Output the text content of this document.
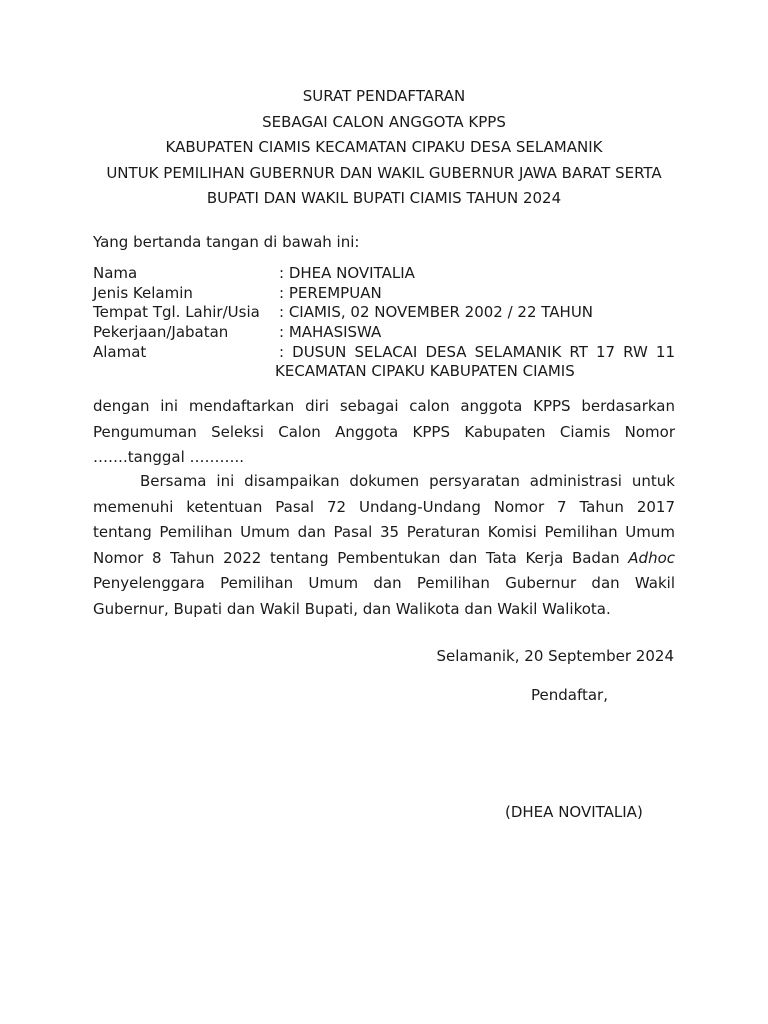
SURAT PENDAFTARAN
SEBAGAI CALON ANGGOTA KPPS
KABUPATEN CIAMIS KECAMATAN CIPAKU DESA SELAMANIK
UNTUK PEMILIHAN GUBERNUR DAN WAKIL GUBERNUR JAWA BARAT SERTA
BUPATI DAN WAKIL BUPATI CIAMIS TAHUN 2024
Yang bertanda tangan di bawah ini:
Nama	: DHEA NOVITALIA
Jenis Kelamin	: PEREMPUAN
Tempat Tgl. Lahir/Usia : CIAMIS, 02 NOVEMBER 2002 / 22 TAHUN
Pekerjaan/Jabatan	: MAHASISWA
Alamat	: DUSUN SELACAI DESA SELAMANIK RT 17 RW 11
KECAMATAN CIPAKU KABUPATEN CIAMIS
dengan ini mendaftarkan diri sebagai calon anggota KPPS berdasarkan
Pengumuman Seleksi Calon Anggota KPPS Kabupaten Ciamis Nomor
…….tanggal ………..
Bersama ini disampaikan dokumen persyaratan administrasi untuk
memenuhi ketentuan Pasal 72 Undang-Undang Nomor 7 Tahun 2017
tentang Pemilihan Umum dan Pasal 35 Peraturan Komisi Pemilihan Umum
Nomor 8 Tahun 2022 tentang Pembentukan dan Tata Kerja Badan Adhoc
Penyelenggara Pemilihan Umum dan Pemilihan Gubernur dan Wakil
Gubernur, Bupati dan Wakil Bupati, dan Walikota dan Wakil Walikota.
Selamanik, 20 September 2024
Pendaftar,
(DHEA NOVITALIA)
